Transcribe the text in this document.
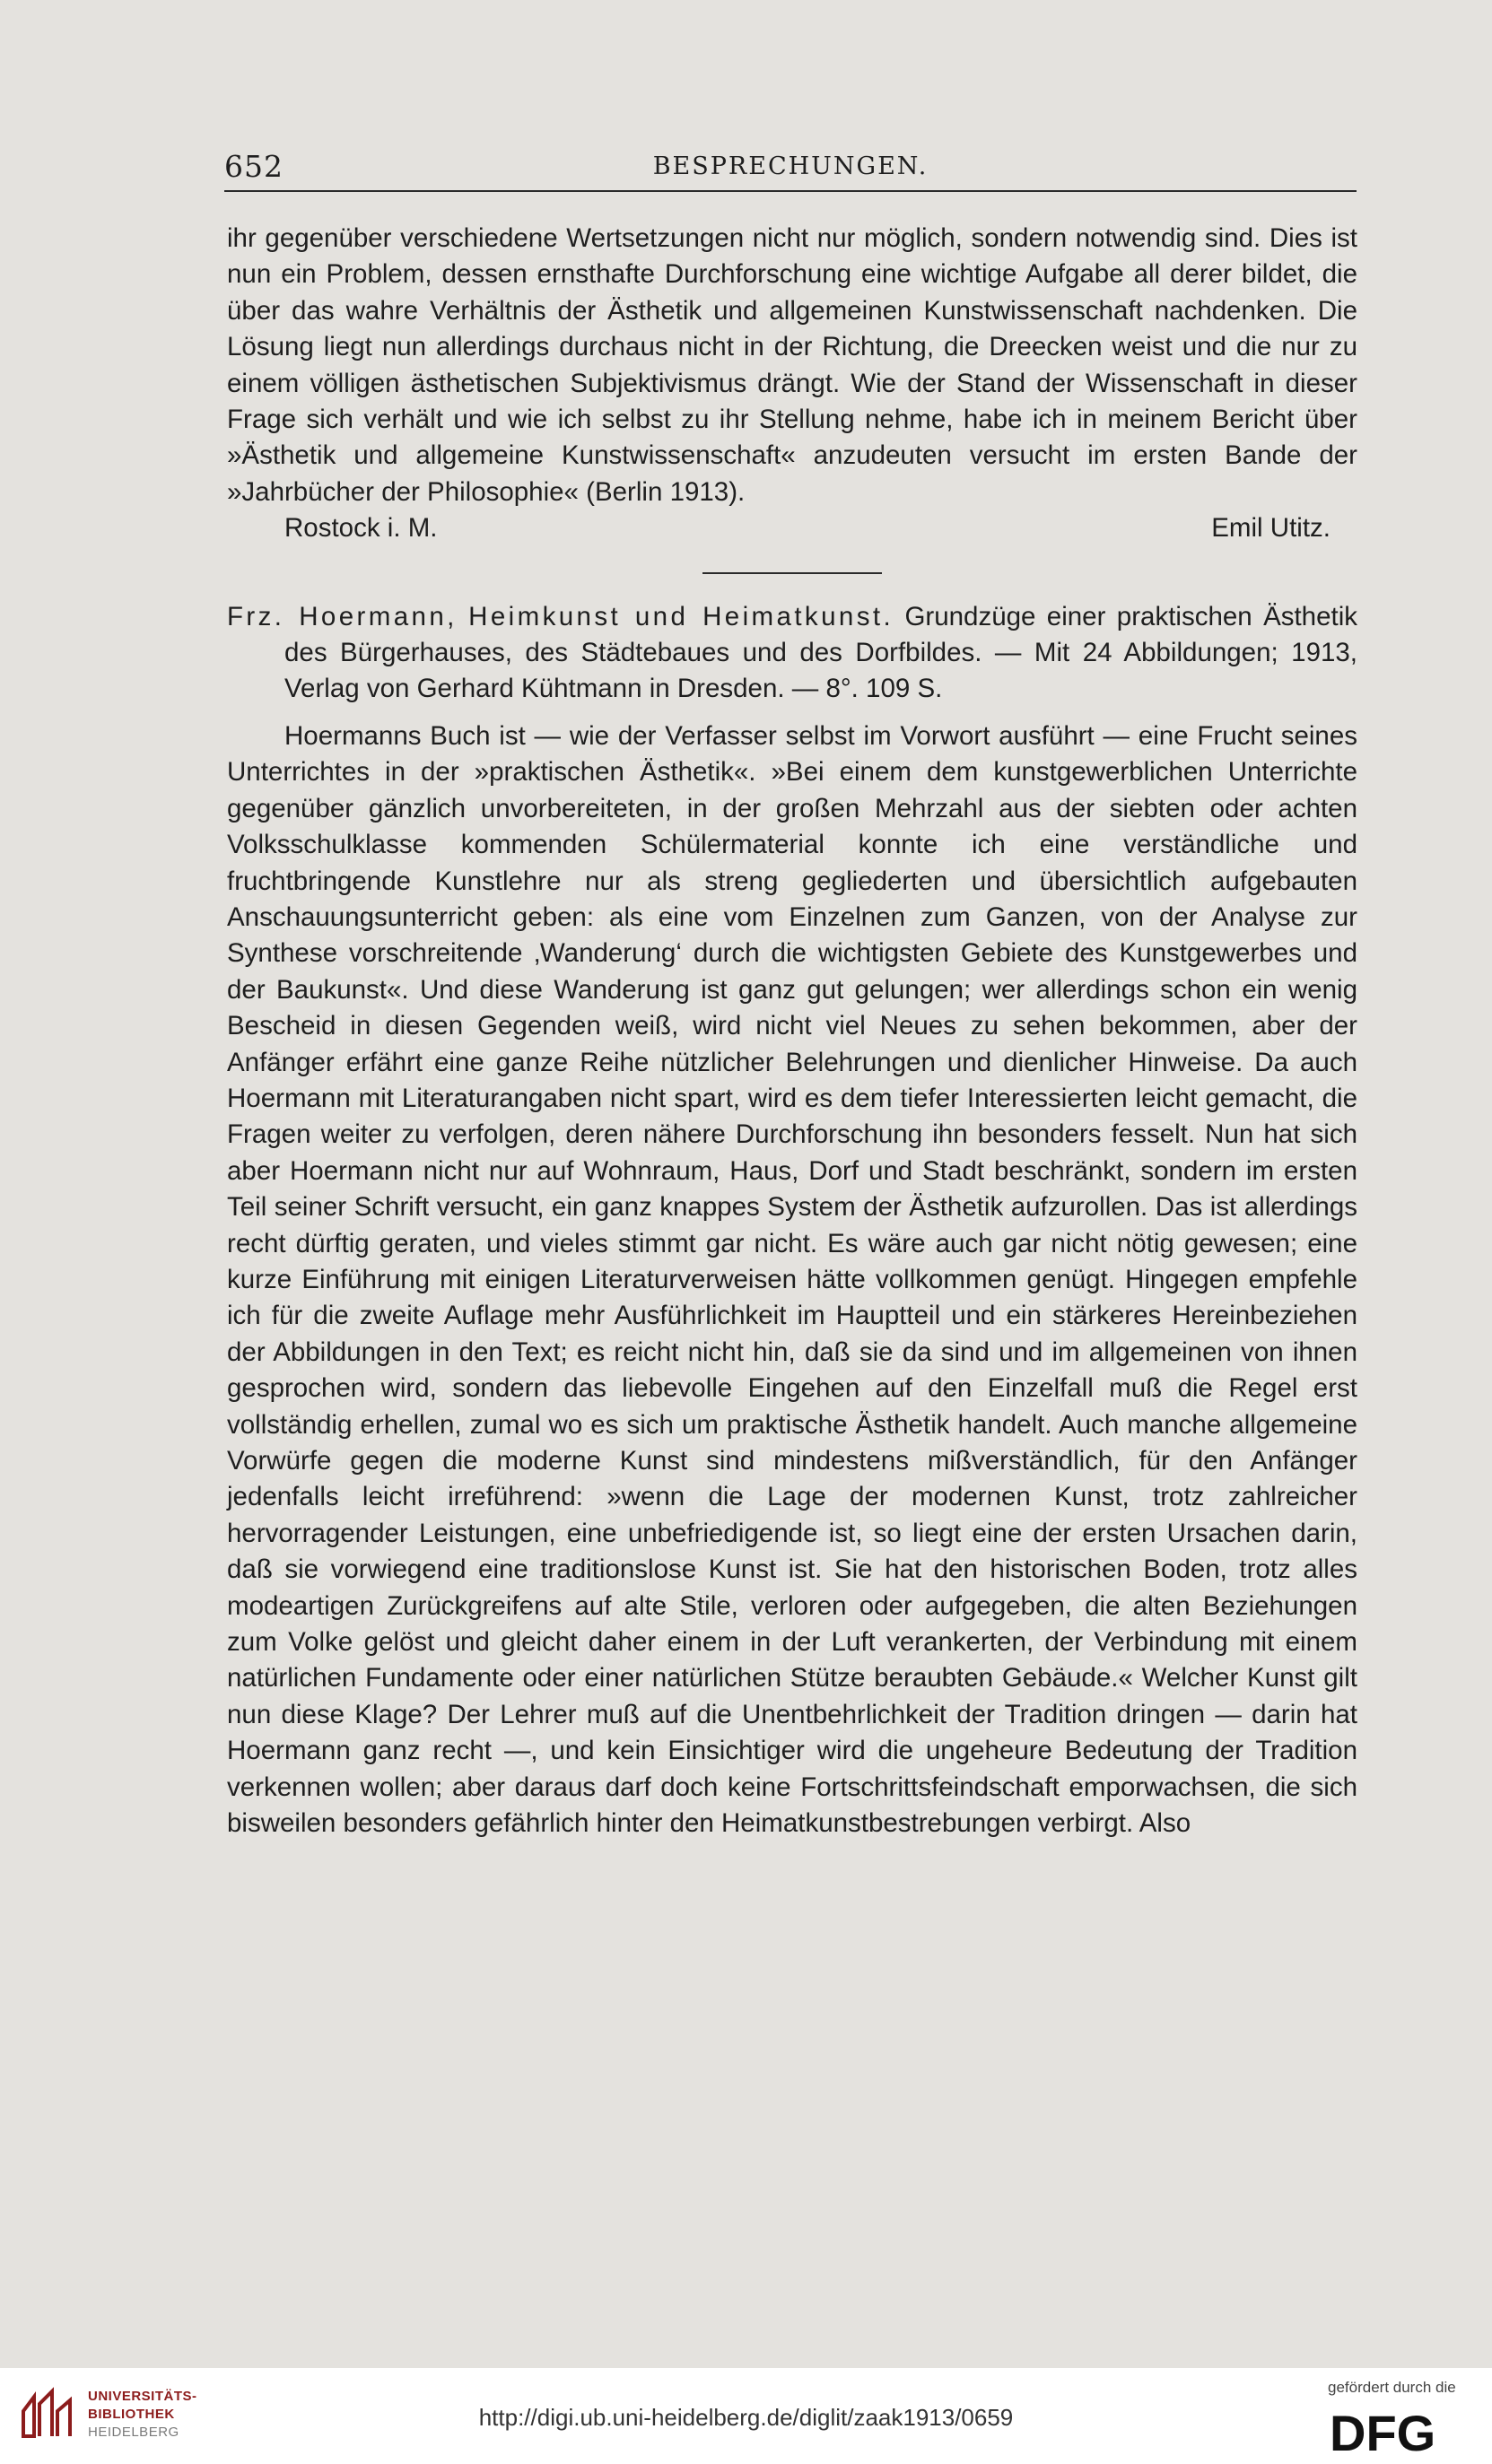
652	BESPRECHUNGEN.

ihr gegenüber verschiedene Wertsetzungen nicht nur möglich, sondern notwendig sind. Dies ist nun ein Problem, dessen ernsthafte Durchforschung eine wichtige Aufgabe all derer bildet, die über das wahre Verhältnis der Ästhetik und allgemeinen Kunstwissenschaft nachdenken. Die Lösung liegt nun allerdings durchaus nicht in der Richtung, die Dreecken weist und die nur zu einem völligen ästhetischen Subjektivismus drängt. Wie der Stand der Wissenschaft in dieser Frage sich verhält und wie ich selbst zu ihr Stellung nehme, habe ich in meinem Bericht über »Ästhetik und allgemeine Kunstwissenschaft« anzudeuten versucht im ersten Bande der »Jahrbücher der Philosophie« (Berlin 1913).

Rostock i. M.	Emil Utitz.

Frz. Hoermann, Heimkunst und Heimatkunst. Grundzüge einer praktischen Ästhetik des Bürgerhauses, des Städtebaues und des Dorfbildes. — Mit 24 Abbildungen; 1913, Verlag von Gerhard Kühtmann in Dresden. — 8°. 109 S.

Hoermanns Buch ist — wie der Verfasser selbst im Vorwort ausführt — eine Frucht seines Unterrichtes in der »praktischen Ästhetik«. »Bei einem dem kunstgewerblichen Unterrichte gegenüber gänzlich unvorbereiteten, in der großen Mehrzahl aus der siebten oder achten Volksschulklasse kommenden Schülermaterial konnte ich eine verständliche und fruchtbringende Kunstlehre nur als streng gegliederten und übersichtlich aufgebauten Anschauungsunterricht geben: als eine vom Einzelnen zum Ganzen, von der Analyse zur Synthese vorschreitende ‚Wanderung‘ durch die wichtigsten Gebiete des Kunstgewerbes und der Baukunst«. Und diese Wanderung ist ganz gut gelungen; wer allerdings schon ein wenig Bescheid in diesen Gegenden weiß, wird nicht viel Neues zu sehen bekommen, aber der Anfänger erfährt eine ganze Reihe nützlicher Belehrungen und dienlicher Hinweise. Da auch Hoermann mit Literaturangaben nicht spart, wird es dem tiefer Interessierten leicht gemacht, die Fragen weiter zu verfolgen, deren nähere Durchforschung ihn besonders fesselt. Nun hat sich aber Hoermann nicht nur auf Wohnraum, Haus, Dorf und Stadt beschränkt, sondern im ersten Teil seiner Schrift versucht, ein ganz knappes System der Ästhetik aufzurollen. Das ist allerdings recht dürftig geraten, und vieles stimmt gar nicht. Es wäre auch gar nicht nötig gewesen; eine kurze Einführung mit einigen Literaturverweisen hätte vollkommen genügt. Hingegen empfehle ich für die zweite Auflage mehr Ausführlichkeit im Hauptteil und ein stärkeres Hereinbeziehen der Abbildungen in den Text; es reicht nicht hin, daß sie da sind und im allgemeinen von ihnen gesprochen wird, sondern das liebevolle Eingehen auf den Einzelfall muß die Regel erst vollständig erhellen, zumal wo es sich um praktische Ästhetik handelt. Auch manche allgemeine Vorwürfe gegen die moderne Kunst sind mindestens mißverständlich, für den Anfänger jedenfalls leicht irreführend: »wenn die Lage der modernen Kunst, trotz zahlreicher hervorragender Leistungen, eine unbefriedigende ist, so liegt eine der ersten Ursachen darin, daß sie vorwiegend eine traditionslose Kunst ist. Sie hat den historischen Boden, trotz alles modeartigen Zurückgreifens auf alte Stile, verloren oder aufgegeben, die alten Beziehungen zum Volke gelöst und gleicht daher einem in der Luft verankerten, der Verbindung mit einem natürlichen Fundamente oder einer natürlichen Stütze beraubten Gebäude.« Welcher Kunst gilt nun diese Klage? Der Lehrer muß auf die Unentbehrlichkeit der Tradition dringen — darin hat Hoermann ganz recht —, und kein Einsichtiger wird die ungeheure Bedeutung der Tradition verkennen wollen; aber daraus darf doch keine Fortschrittsfeindschaft emporwachsen, die sich bisweilen besonders gefährlich hinter den Heimatkunstbestrebungen verbirgt. Also

UNIVERSITÄTS-
BIBLIOTHEK
HEIDELBERG
http://digi.ub.uni-heidelberg.de/diglit/zaak1913/0659
gefördert durch die
DFG
